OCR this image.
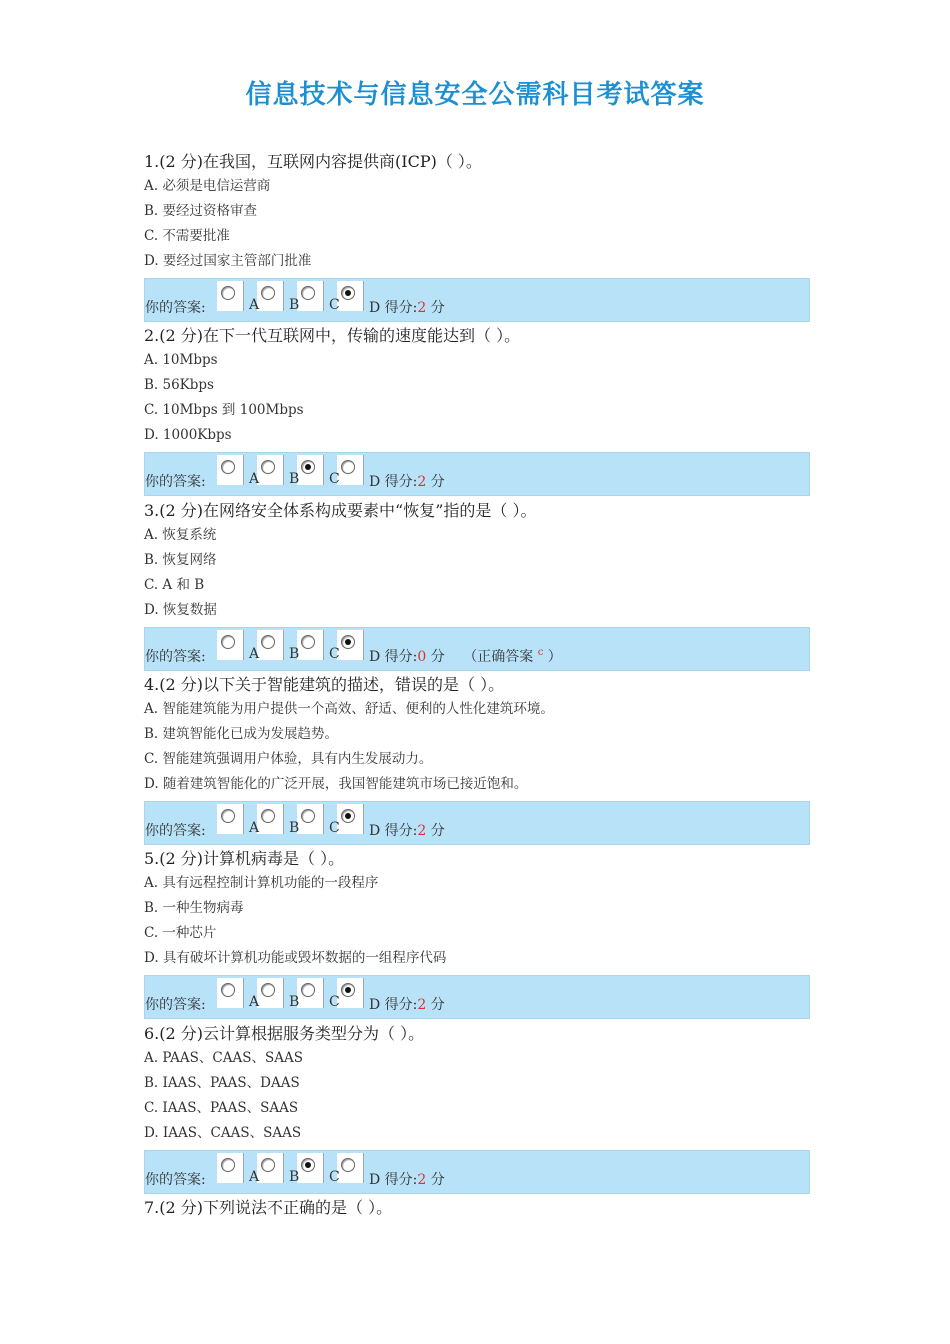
信息技术与信息安全公需科目考试答案
1.(2 分)在我国，互联网内容提供商(ICP)（ ）。
A. 必须是电信运营商
B. 要经过资格审查
C. 不需要批准
D. 要经过国家主管部门批准
你的答案:	A B C D 得分:2 分
2.(2 分)在下一代互联网中，传输的速度能达到（ ）。
A. 10Mbps
B. 56Kbps
C. 10Mbps 到 100Mbps
D. 1000Kbps
你的答案:	A B C D 得分:2 分
3.(2 分)在网络安全体系构成要素中“恢复”指的是（ ）。
A. 恢复系统
B. 恢复网络
C. A 和 B
D. 恢复数据
你的答案:	A B C D 得分:0 分 （正确答案 $^c$ ）
4.(2 分)以下关于智能建筑的描述，错误的是（ ）。
A. 智能建筑能为用户提供一个高效、舒适、便利的人性化建筑环境。
B. 建筑智能化已成为发展趋势。
C. 智能建筑强调用户体验，具有内生发展动力。
D. 随着建筑智能化的广泛开展，我国智能建筑市场已接近饱和。
你的答案:	A B C D 得分:2 分
5.(2 分)计算机病毒是（ ）。
A. 具有远程控制计算机功能的一段程序
B. 一种生物病毒
C. 一种芯片
D. 具有破坏计算机功能或毁坏数据的一组程序代码
你的答案:	A B C D 得分:2 分
6.(2 分)云计算根据服务类型分为（ ）。
A. PAAS、CAAS、SAAS
B. IAAS、PAAS、DAAS
C. IAAS、PAAS、SAAS
D. IAAS、CAAS、SAAS
你的答案:	A B C D 得分:2 分
7.(2 分)下列说法不正确的是（ ）。
